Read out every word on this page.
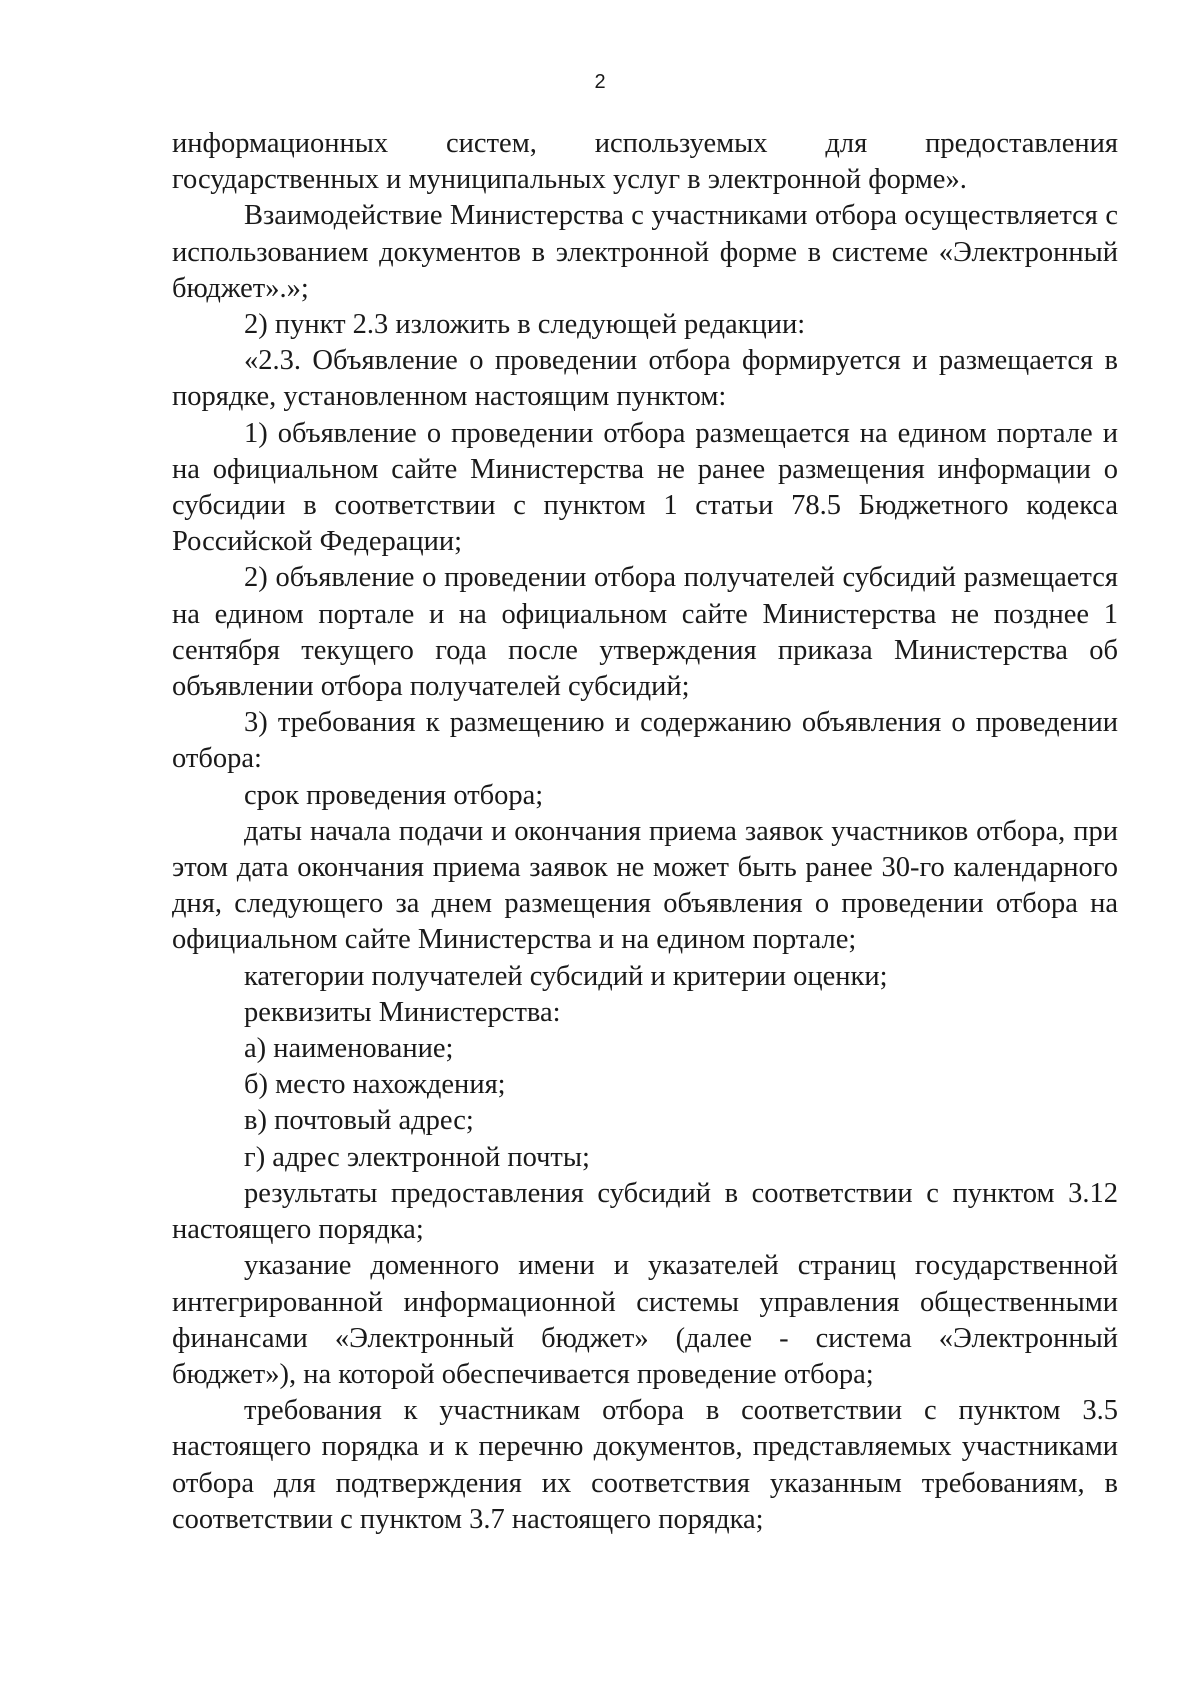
2

информационных систем, используемых для предоставления государственных и муниципальных услуг в электронной форме».

Взаимодействие Министерства с участниками отбора осуществляется с использованием документов в электронной форме в системе «Электронный бюджет».»;

2) пункт 2.3 изложить в следующей редакции:

«2.3. Объявление о проведении отбора формируется и размещается в порядке, установленном настоящим пунктом:

1) объявление о проведении отбора размещается на едином портале и на официальном сайте Министерства не ранее размещения информации о субсидии в соответствии с пунктом 1 статьи 78.5 Бюджетного кодекса Российской Федерации;

2) объявление о проведении отбора получателей субсидий размещается на едином портале и на официальном сайте Министерства не позднее 1 сентября текущего года после утверждения приказа Министерства об объявлении отбора получателей субсидий;

3) требования к размещению и содержанию объявления о проведении отбора:

срок проведения отбора;

даты начала подачи и окончания приема заявок участников отбора, при этом дата окончания приема заявок не может быть ранее 30-го календарного дня, следующего за днем размещения объявления о проведении отбора на официальном сайте Министерства и на едином портале;

категории получателей субсидий и критерии оценки;

реквизиты Министерства:

а) наименование;

б) место нахождения;

в) почтовый адрес;

г) адрес электронной почты;

результаты предоставления субсидий в соответствии с пунктом 3.12 настоящего порядка;

указание доменного имени и указателей страниц государственной интегрированной информационной системы управления общественными финансами «Электронный бюджет» (далее - система «Электронный бюджет»), на которой обеспечивается проведение отбора;

требования к участникам отбора в соответствии с пунктом 3.5 настоящего порядка и к перечню документов, представляемых участниками отбора для подтверждения их соответствия указанным требованиям, в соответствии с пунктом 3.7 настоящего порядка;
